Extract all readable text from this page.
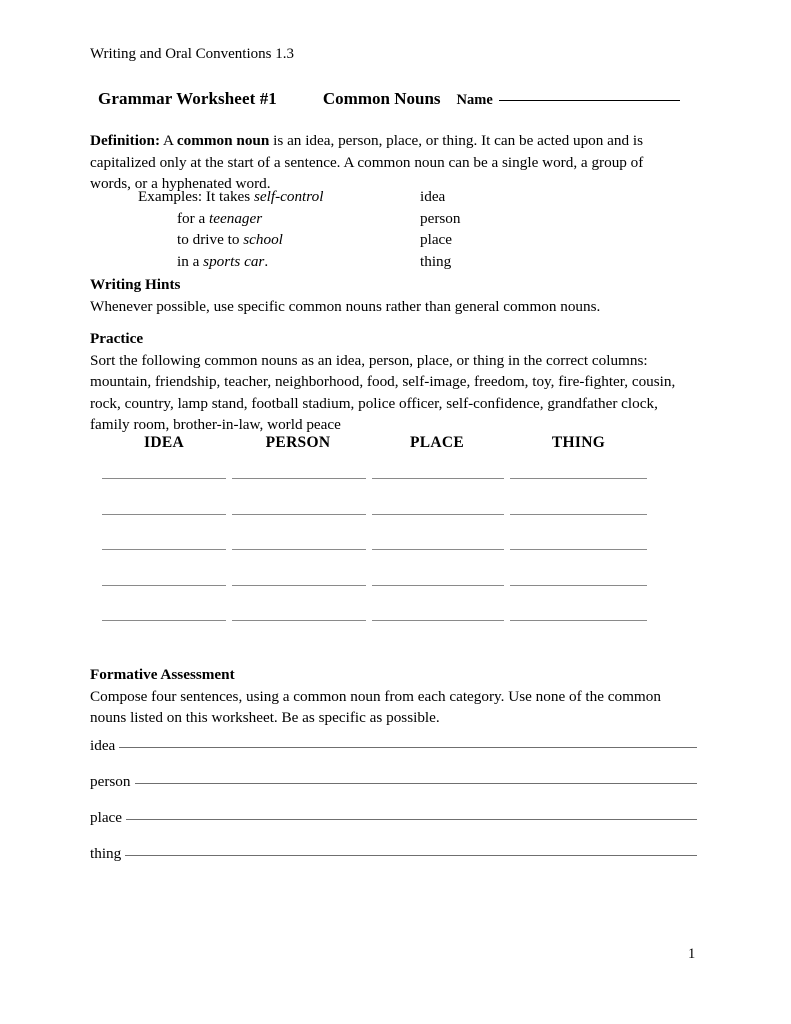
Writing and Oral Conventions 1.3
Grammar Worksheet #1	Common Nouns Name
Definition: A common noun is an idea, person, place, or thing. It can be acted upon and is capitalized only at the start of a sentence. A common noun can be a single word, a group of words, or a hyphenated word.
Examples: It takes self-control	idea
for a teenager	person
to drive to school	place
in a sports car.	thing
Writing Hints
Whenever possible, use specific common nouns rather than general common nouns.
Practice
Sort the following common nouns as an idea, person, place, or thing in the correct columns:
mountain, friendship, teacher, neighborhood, food, self-image, freedom, toy, fire-fighter, cousin, rock, country, lamp stand, football stadium, police officer, self-confidence, grandfather clock, family room, brother-in-law, world peace
IDEA	PERSON	PLACE	THING
Formative Assessment
Compose four sentences, using a common noun from each category. Use none of the common nouns listed on this worksheet. Be as specific as possible.
idea
person
place
thing
1
